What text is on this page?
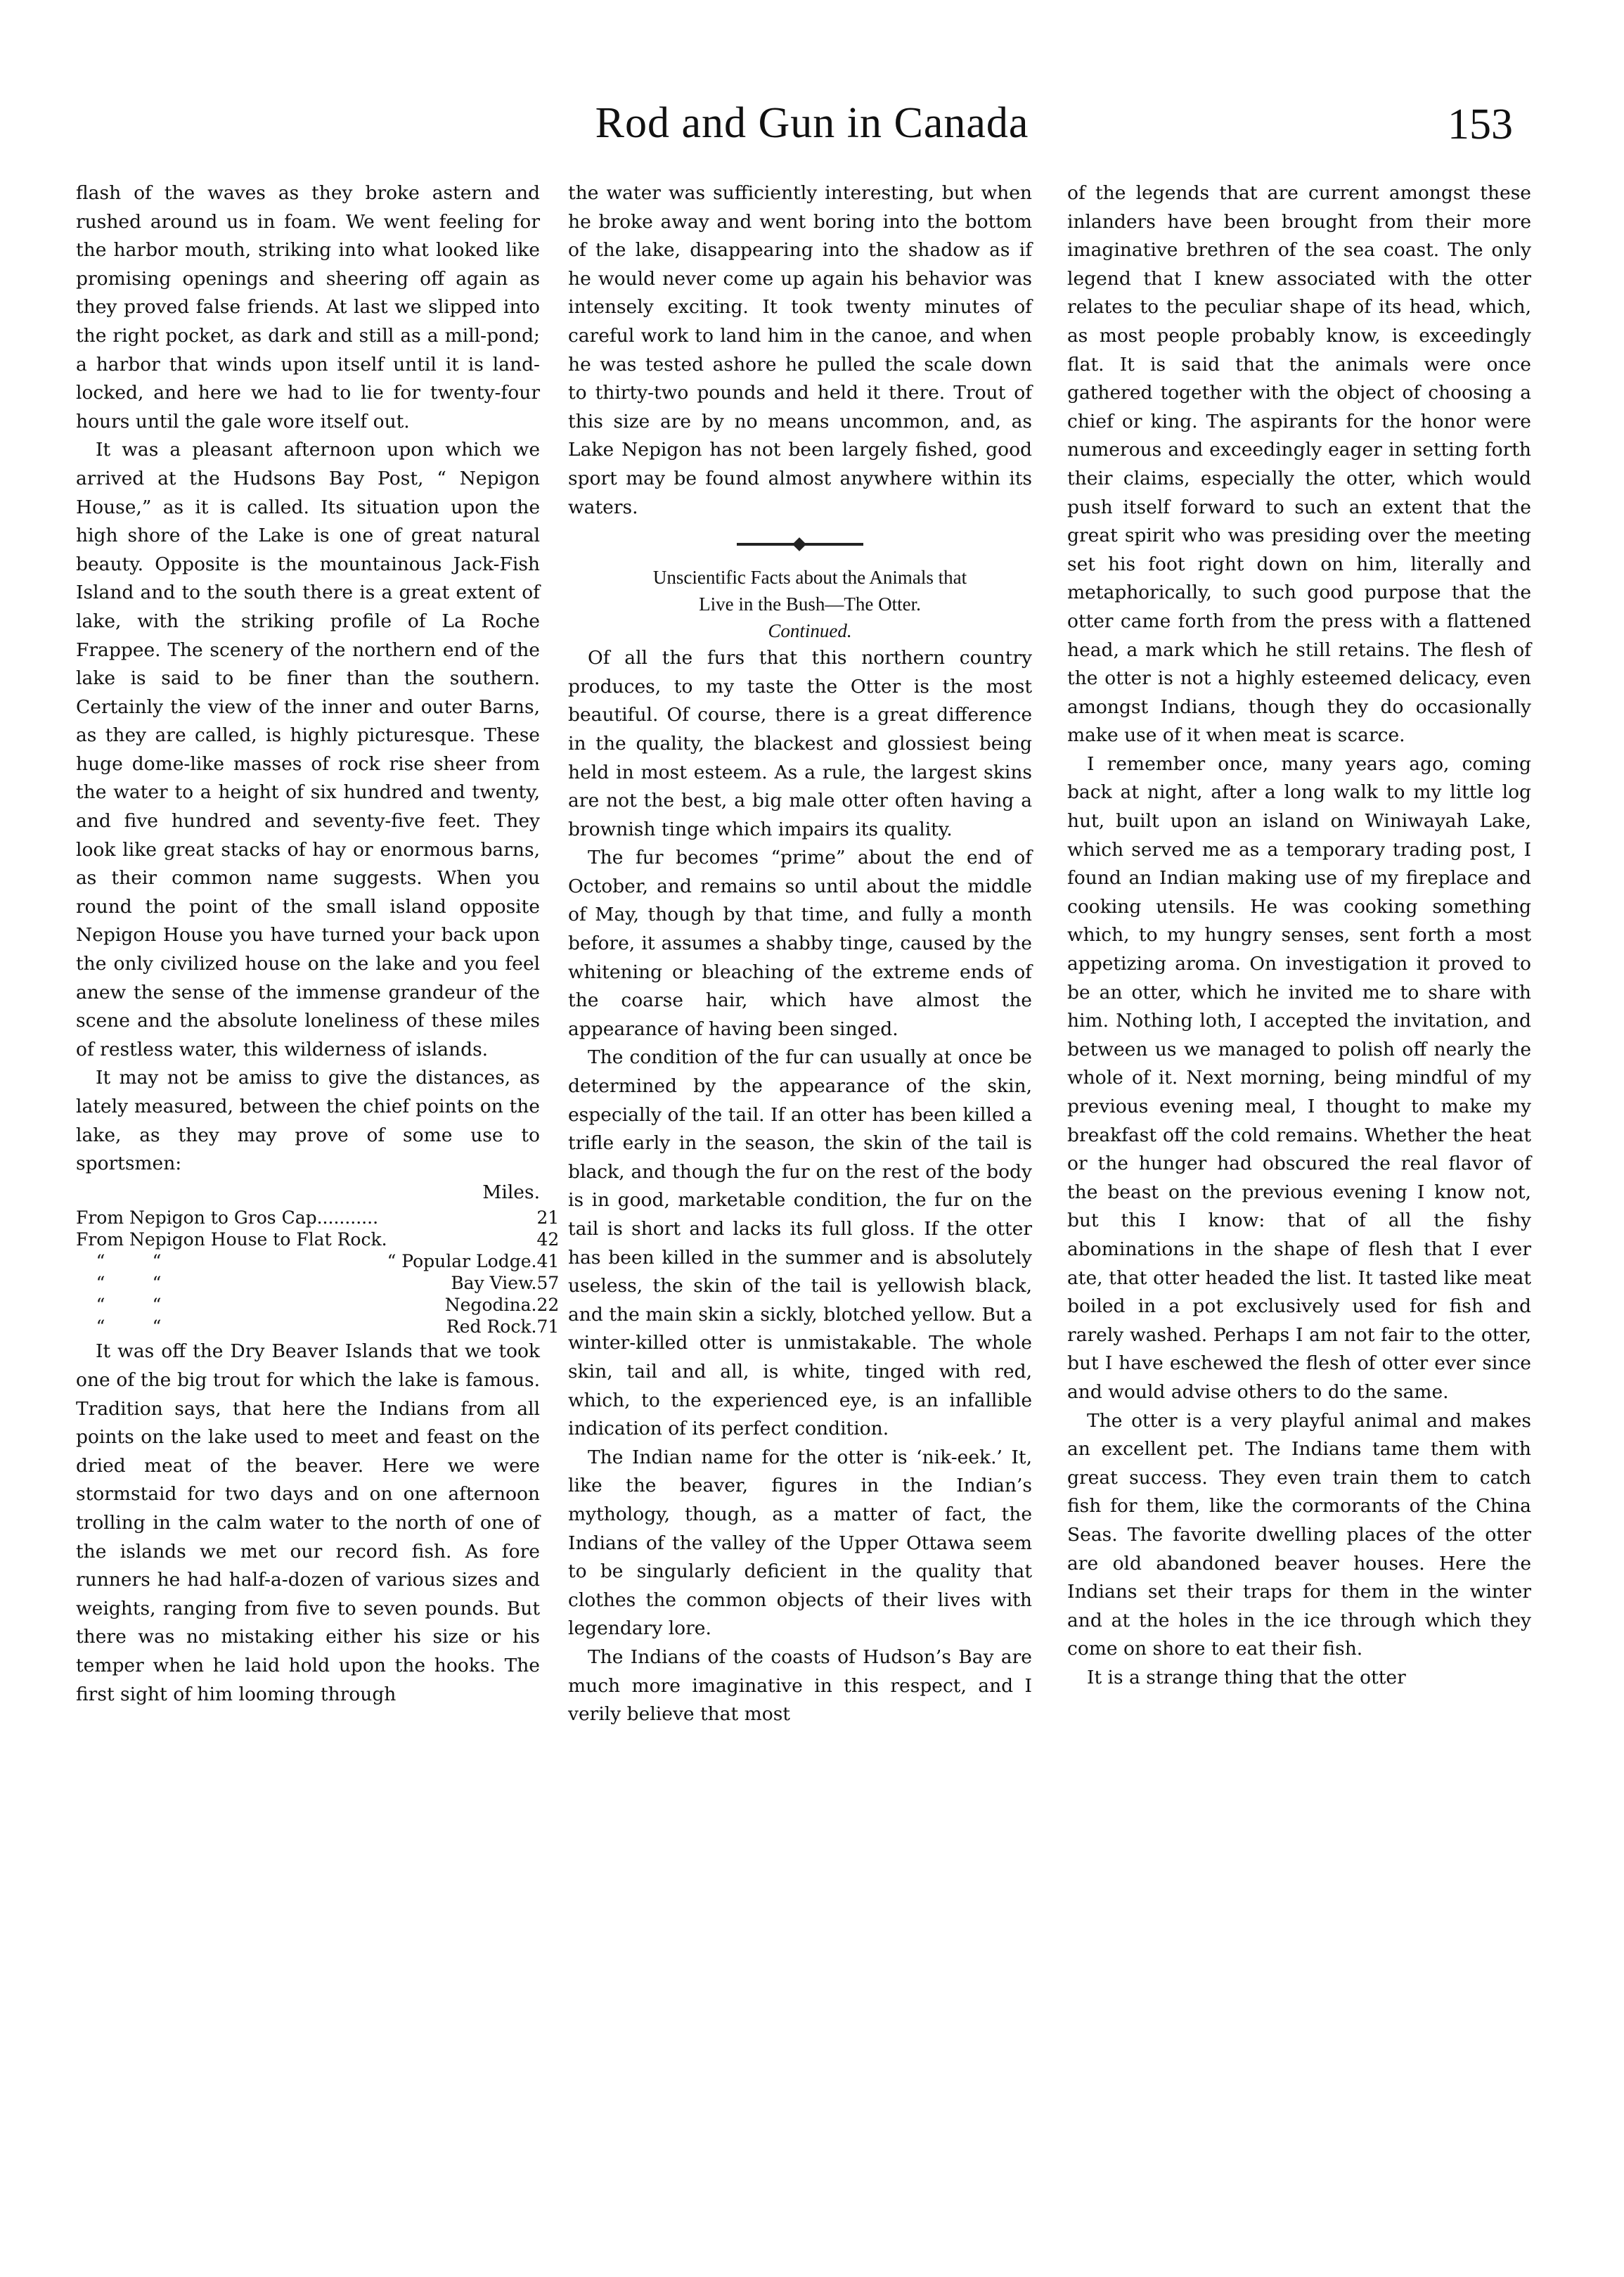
Rod and Gun in Canada	153

flash of the waves as they broke astern and rushed around us in foam. We went feeling for the harbor mouth, striking into what looked like promising openings and sheering off again as they proved false friends. At last we slipped into the right pocket, as dark and still as a mill-pond; a harbor that winds upon itself until it is land-locked, and here we had to lie for twenty-four hours until the gale wore itself out.

It was a pleasant afternoon upon which we arrived at the Hudsons Bay Post, “ Nepigon House,” as it is called. Its situation upon the high shore of the Lake is one of great natural beauty. Opposite is the mountainous Jack-Fish Island and to the south there is a great extent of lake, with the striking profile of La Roche Frappee. The scenery of the northern end of the lake is said to be finer than the southern. Certainly the view of the inner and outer Barns, as they are called, is highly picturesque. These huge dome-like masses of rock rise sheer from the water to a height of six hundred and twenty, and five hundred and seventy-five feet. They look like great stacks of hay or enormous barns, as their common name suggests. When you round the point of the small island opposite Nepigon House you have turned your back upon the only civilized house on the lake and you feel anew the sense of the immense grandeur of the scene and the absolute loneliness of these miles of restless water, this wilderness of islands.

It may not be amiss to give the distances, as lately measured, between the chief points on the lake, as they may prove of some use to sportsmen:

Miles.

From Nepigon to Gros Cap...........		21
From Nepigon House to Flat Rock.		42
“ “	“ Popular Lodge.	41
“ “	Bay View.	57
“ “	Negodina.	22
“ “	Red Rock.	71

It was off the Dry Beaver Islands that we took one of the big trout for which the lake is famous. Tradition says, that here the Indians from all points on the lake used to meet and feast on the dried meat of the beaver. Here we were stormstaid for two days and on one afternoon trolling in the calm water to the north of one of the islands we met our record fish. As fore runners he had half-a-dozen of various sizes and weights, ranging from five to seven pounds. But there was no mistaking either his size or his temper when he laid hold upon the hooks. The first sight of him looming through

the water was sufficiently interesting, but when he broke away and went boring into the bottom of the lake, disappearing into the shadow as if he would never come up again his behavior was intensely exciting. It took twenty minutes of careful work to land him in the canoe, and when he was tested ashore he pulled the scale down to thirty-two pounds and held it there. Trout of this size are by no means uncommon, and, as Lake Nepigon has not been largely fished, good sport may be found almost anywhere within its waters.

Unscientific Facts about the Animals that

Live in the Bush—The Otter.

Continued.

Of all the furs that this northern country produces, to my taste the Otter is the most beautiful. Of course, there is a great difference in the quality, the blackest and glossiest being held in most esteem. As a rule, the largest skins are not the best, a big male otter often having a brownish tinge which impairs its quality.

The fur becomes “prime” about the end of October, and remains so until about the middle of May, though by that time, and fully a month before, it assumes a shabby tinge, caused by the whitening or bleaching of the extreme ends of the coarse hair, which have almost the appearance of having been singed.

The condition of the fur can usually at once be determined by the appearance of the skin, especially of the tail. If an otter has been killed a trifle early in the season, the skin of the tail is black, and though the fur on the rest of the body is in good, marketable condition, the fur on the tail is short and lacks its full gloss. If the otter has been killed in the summer and is absolutely useless, the skin of the tail is yellowish black, and the main skin a sickly, blotched yellow. But a winter-killed otter is unmistakable. The whole skin, tail and all, is white, tinged with red, which, to the experienced eye, is an infallible indication of its perfect condition.

The Indian name for the otter is ‘nik-eek.’ It, like the beaver, figures in the Indian’s mythology, though, as a matter of fact, the Indians of the valley of the Upper Ottawa seem to be singularly deficient in the quality that clothes the common objects of their lives with legendary lore.

The Indians of the coasts of Hudson’s Bay are much more imaginative in this respect, and I verily believe that most

of the legends that are current amongst these inlanders have been brought from their more imaginative brethren of the sea coast. The only legend that I knew associated with the otter relates to the peculiar shape of its head, which, as most people probably know, is exceedingly flat. It is said that the animals were once gathered together with the object of choosing a chief or king. The aspirants for the honor were numerous and exceedingly eager in setting forth their claims, especially the otter, which would push itself forward to such an extent that the great spirit who was presiding over the meeting set his foot right down on him, literally and metaphorically, to such good purpose that the otter came forth from the press with a flattened head, a mark which he still retains. The flesh of the otter is not a highly esteemed delicacy, even amongst Indians, though they do occasionally make use of it when meat is scarce.

I remember once, many years ago, coming back at night, after a long walk to my little log hut, built upon an island on Winiwayah Lake, which served me as a temporary trading post, I found an Indian making use of my fireplace and cooking utensils. He was cooking something which, to my hungry senses, sent forth a most appetizing aroma. On investigation it proved to be an otter, which he invited me to share with him. Nothing loth, I accepted the invitation, and between us we managed to polish off nearly the whole of it. Next morning, being mindful of my previous evening meal, I thought to make my breakfast off the cold remains. Whether the heat or the hunger had obscured the real flavor of the beast on the previous evening I know not, but this I know: that of all the fishy abominations in the shape of flesh that I ever ate, that otter headed the list. It tasted like meat boiled in a pot exclusively used for fish and rarely washed. Perhaps I am not fair to the otter, but I have eschewed the flesh of otter ever since and would advise others to do the same.

The otter is a very playful animal and makes an excellent pet. The Indians tame them with great success. They even train them to catch fish for them, like the cormorants of the China Seas. The favorite dwelling places of the otter are old abandoned beaver houses. Here the Indians set their traps for them in the winter and at the holes in the ice through which they come on shore to eat their fish.

It is a strange thing that the otter
